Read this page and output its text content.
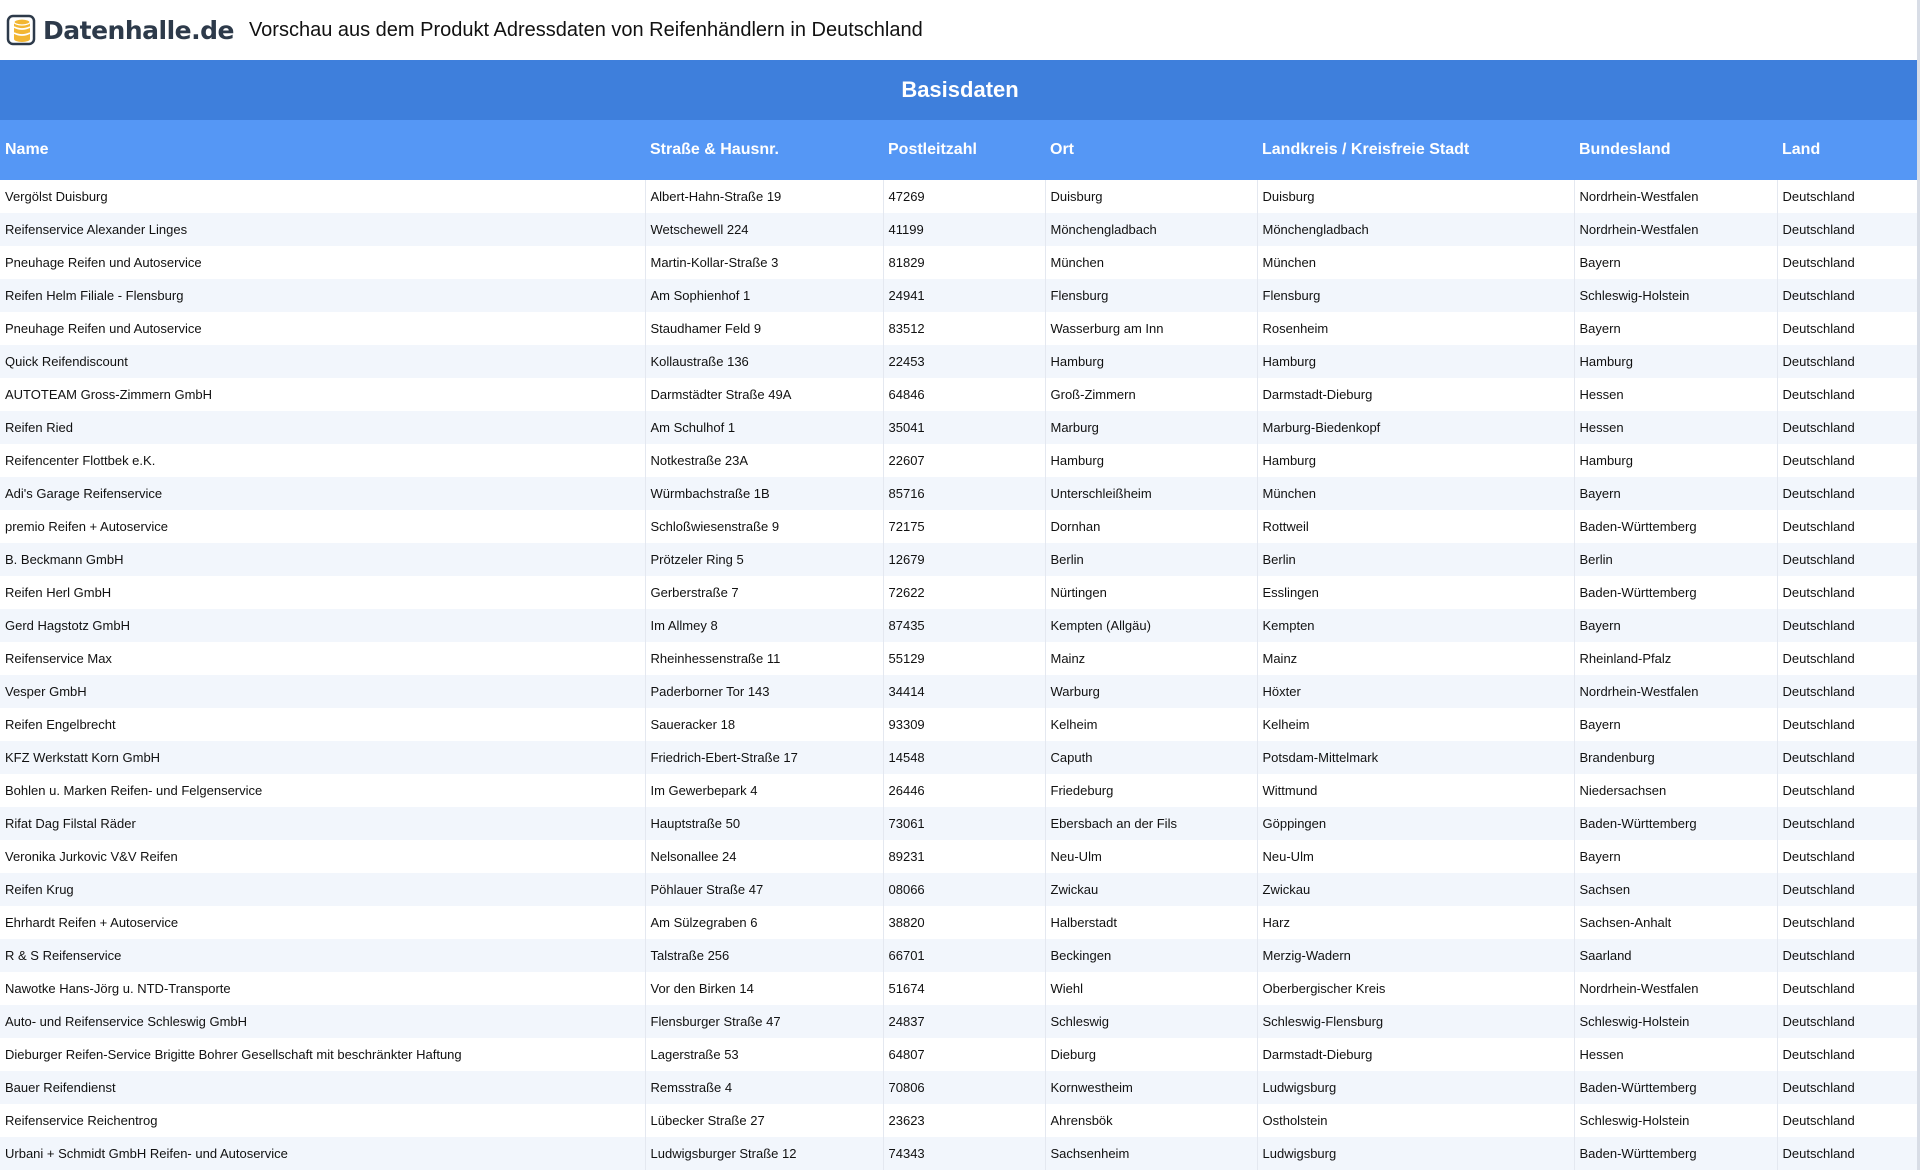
Datenhalle.de Vorschau aus dem Produkt Adressdaten von Reifenhändlern in Deutschland
Basisdaten						
Name	Straße & Hausnr.	Postleitzahl	Ort	Landkreis / Kreisfreie Stadt	Bundesland	Land
Vergölst Duisburg	Albert-Hahn-Straße 19	47269	Duisburg	Duisburg	Nordrhein-Westfalen	Deutschland
Reifenservice Alexander Linges	Wetschewell 224	41199	Mönchengladbach	Mönchengladbach	Nordrhein-Westfalen	Deutschland
Pneuhage Reifen und Autoservice	Martin-Kollar-Straße 3	81829	München	München	Bayern	Deutschland
Reifen Helm Filiale - Flensburg	Am Sophienhof 1	24941	Flensburg	Flensburg	Schleswig-Holstein	Deutschland
Pneuhage Reifen und Autoservice	Staudhamer Feld 9	83512	Wasserburg am Inn	Rosenheim	Bayern	Deutschland
Quick Reifendiscount	Kollaustraße 136	22453	Hamburg	Hamburg	Hamburg	Deutschland
AUTOTEAM Gross-Zimmern GmbH	Darmstädter Straße 49A	64846	Groß-Zimmern	Darmstadt-Dieburg	Hessen	Deutschland
Reifen Ried	Am Schulhof 1	35041	Marburg	Marburg-Biedenkopf	Hessen	Deutschland
Reifencenter Flottbek e.K.	Notkestraße 23A	22607	Hamburg	Hamburg	Hamburg	Deutschland
Adi's Garage Reifenservice	Würmbachstraße 1B	85716	Unterschleißheim	München	Bayern	Deutschland
premio Reifen + Autoservice	Schloßwiesenstraße 9	72175	Dornhan	Rottweil	Baden-Württemberg	Deutschland
B. Beckmann GmbH	Prötzeler Ring 5	12679	Berlin	Berlin	Berlin	Deutschland
Reifen Herl GmbH	Gerberstraße 7	72622	Nürtingen	Esslingen	Baden-Württemberg	Deutschland
Gerd Hagstotz GmbH	Im Allmey 8	87435	Kempten (Allgäu)	Kempten	Bayern	Deutschland
Reifenservice Max	Rheinhessenstraße 11	55129	Mainz	Mainz	Rheinland-Pfalz	Deutschland
Vesper GmbH	Paderborner Tor 143	34414	Warburg	Höxter	Nordrhein-Westfalen	Deutschland
Reifen Engelbrecht	Saueracker 18	93309	Kelheim	Kelheim	Bayern	Deutschland
KFZ Werkstatt Korn GmbH	Friedrich-Ebert-Straße 17	14548	Caputh	Potsdam-Mittelmark	Brandenburg	Deutschland
Bohlen u. Marken Reifen- und Felgenservice	Im Gewerbepark 4	26446	Friedeburg	Wittmund	Niedersachsen	Deutschland
Rifat Dag Filstal Räder	Hauptstraße 50	73061	Ebersbach an der Fils	Göppingen	Baden-Württemberg	Deutschland
Veronika Jurkovic V&V Reifen	Nelsonallee 24	89231	Neu-Ulm	Neu-Ulm	Bayern	Deutschland
Reifen Krug	Pöhlauer Straße 47	08066	Zwickau	Zwickau	Sachsen	Deutschland
Ehrhardt Reifen + Autoservice	Am Sülzegraben 6	38820	Halberstadt	Harz	Sachsen-Anhalt	Deutschland
R & S Reifenservice	Talstraße 256	66701	Beckingen	Merzig-Wadern	Saarland	Deutschland
Nawotke Hans-Jörg u. NTD-Transporte	Vor den Birken 14	51674	Wiehl	Oberbergischer Kreis	Nordrhein-Westfalen	Deutschland
Auto- und Reifenservice Schleswig GmbH	Flensburger Straße 47	24837	Schleswig	Schleswig-Flensburg	Schleswig-Holstein	Deutschland
Dieburger Reifen-Service Brigitte Bohrer Gesellschaft mit beschränkter Haftung	Lagerstraße 53	64807	Dieburg	Darmstadt-Dieburg	Hessen	Deutschland
Bauer Reifendienst	Remsstraße 4	70806	Kornwestheim	Ludwigsburg	Baden-Württemberg	Deutschland
Reifenservice Reichentrog	Lübecker Straße 27	23623	Ahrensbök	Ostholstein	Schleswig-Holstein	Deutschland
Urbani + Schmidt GmbH Reifen- und Autoservice	Ludwigsburger Straße 12	74343	Sachsenheim	Ludwigsburg	Baden-Württemberg	Deutschland
